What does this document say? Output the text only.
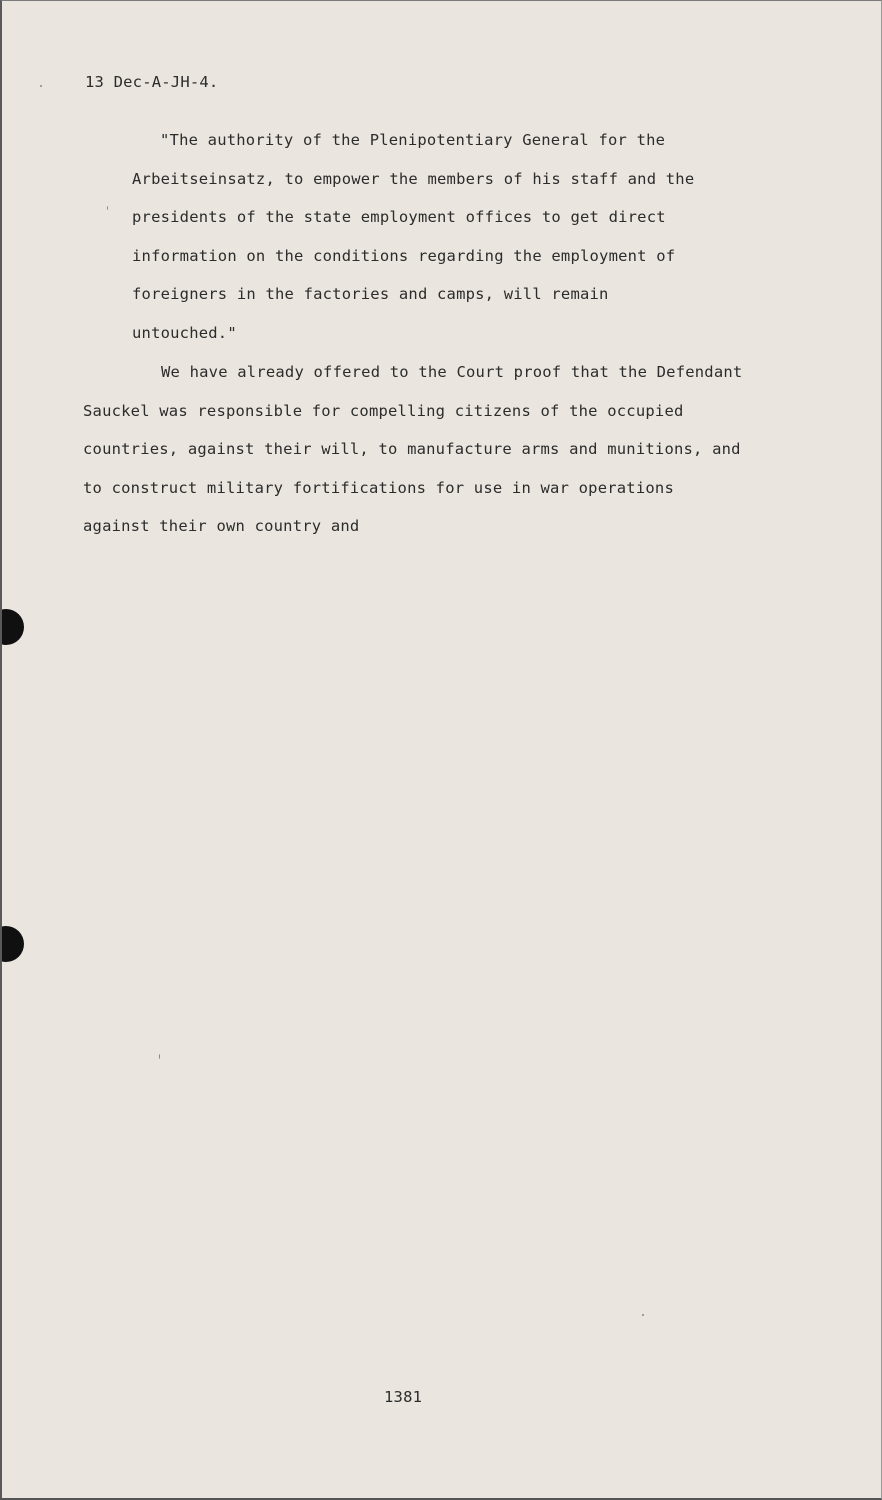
13 Dec-A-JH-4.

"The authority of the Plenipotentiary General for the
Arbeitseinsatz, to empower the members of his staff and the
presidents of the state employment offices to get direct
information on the conditions regarding the employment of
foreigners in the factories and camps, will remain
untouched."
We have already offered to the Court proof that the Defendant
Sauckel was responsible for compelling citizens of the occupied
countries, against their will, to manufacture arms and munitions, and
to construct military fortifications for use in war operations
against their own country and

1381
